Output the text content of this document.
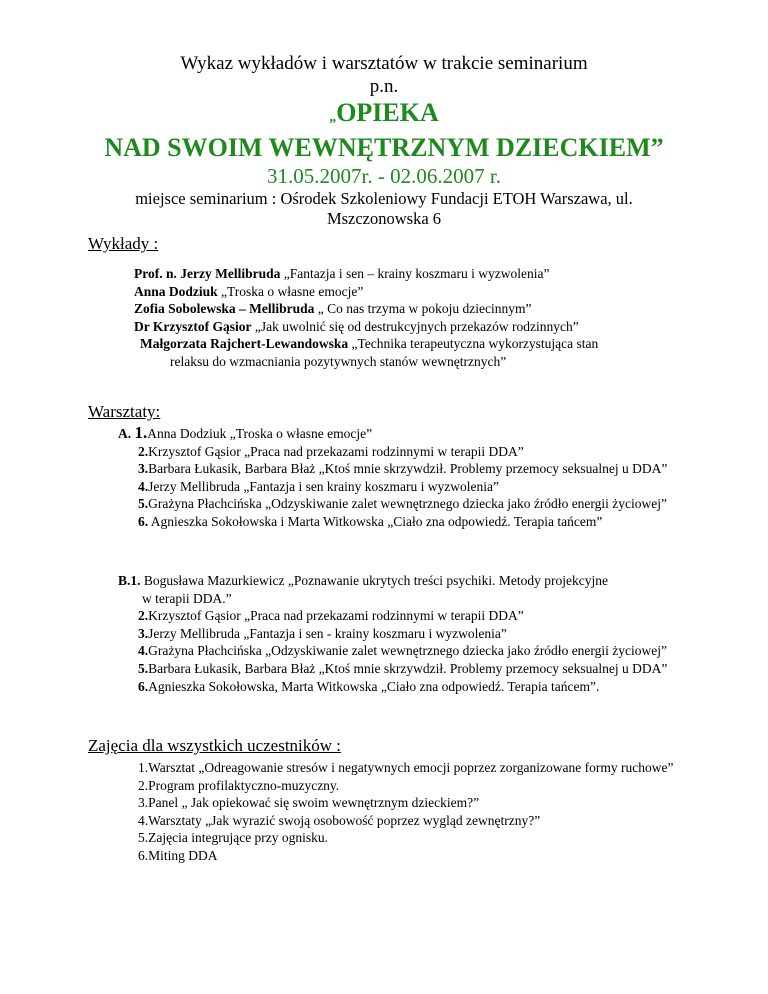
Wykaz wykładów i warsztatów w trakcie seminarium
p.n.
„OPIEKA
NAD SWOIM WEWNĘTRZNYM DZIECKIEM”
31.05.2007r. - 02.06.2007 r.
miejsce seminarium : Ośrodek Szkoleniowy Fundacji ETOH Warszawa, ul.
Mszczonowska 6
Wykłady :
Prof. n. Jerzy Mellibruda „Fantazja i sen – krainy koszmaru i wyzwolenia”
Anna Dodziuk „Troska o własne emocje”
Zofia Sobolewska – Mellibruda „ Co nas trzyma w pokoju dziecinnym”
Dr Krzysztof Gąsior „Jak uwolnić się od destrukcyjnych przekazów rodzinnych”
Małgorzata Rajchert-Lewandowska „Technika terapeutyczna wykorzystująca stan
relaksu do wzmacniania pozytywnych stanów wewnętrznych”
Warsztaty:
A. 1.Anna Dodziuk „Troska o własne emocje”
2.Krzysztof Gąsior „Praca nad przekazami rodzinnymi w terapii DDA”
3.Barbara Łukasik, Barbara Błaż „Ktoś mnie skrzywdził. Problemy przemocy seksualnej u DDA”
4.Jerzy Mellibruda „Fantazja i sen krainy koszmaru i wyzwolenia”
5.Grażyna Płachcińska „Odzyskiwanie zalet wewnętrznego dziecka jako źródło energii życiowej”
6. Agnieszka Sokołowska i Marta Witkowska „Ciało zna odpowiedź. Terapia tańcem”
B.1. Bogusława Mazurkiewicz „Poznawanie ukrytych treści psychiki. Metody projekcyjne
w terapii DDA.”
2.Krzysztof Gąsior „Praca nad przekazami rodzinnymi w terapii DDA”
3.Jerzy Mellibruda „Fantazja i sen - krainy koszmaru i wyzwolenia”
4.Grażyna Płachcińska „Odzyskiwanie zalet wewnętrznego dziecka jako źródło energii życiowej”
5.Barbara Łukasik, Barbara Błaż „Ktoś mnie skrzywdził. Problemy przemocy seksualnej u DDA”
6.Agnieszka Sokołowska, Marta Witkowska „Ciało zna odpowiedź. Terapia tańcem”.
Zajęcia dla wszystkich uczestników :
1.Warsztat „Odreagowanie stresów i negatywnych emocji poprzez zorganizowane formy ruchowe”
2.Program profilaktyczno-muzyczny.
3.Panel „ Jak opiekować się swoim wewnętrznym dzieckiem?”
4.Warsztaty „Jak wyrazić swoją osobowość poprzez wygląd zewnętrzny?”
5.Zajęcia integrujące przy ognisku.
6.Miting DDA
